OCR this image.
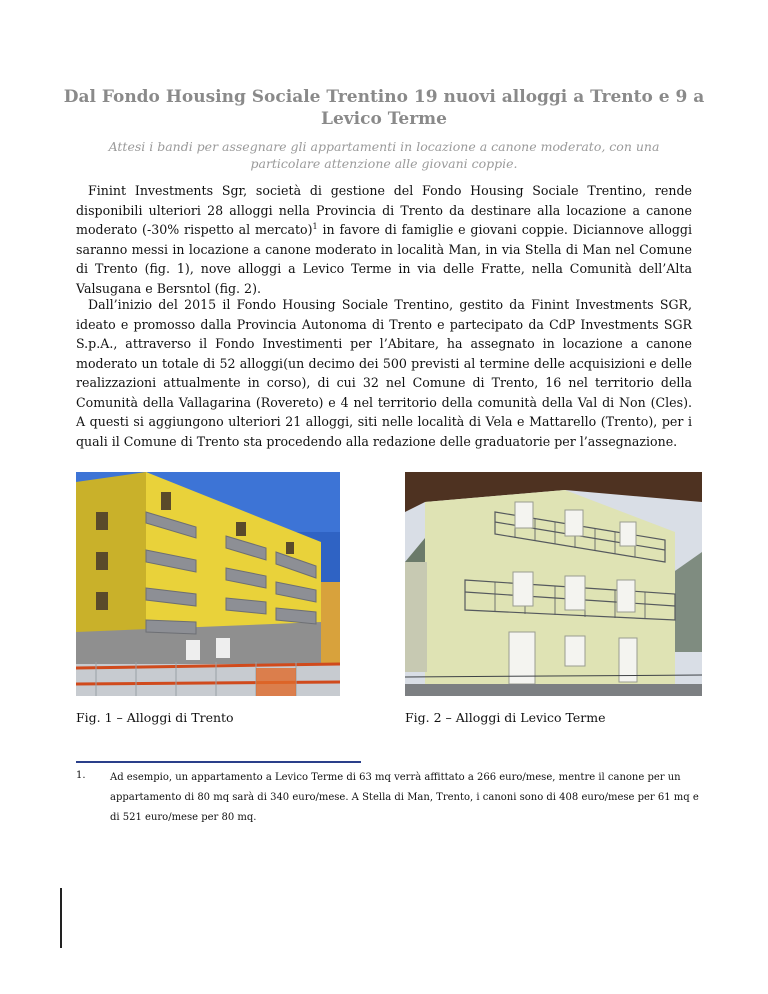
Dal Fondo Housing Sociale Trentino 19 nuovi alloggi a Trento e 9 a Levico Terme

Attesi i bandi per assegnare gli appartamenti in locazione a canone moderato, con una particolare attenzione alle giovani coppie.

Finint Investments Sgr, società di gestione del Fondo Housing Sociale Trentino, rende disponibili ulteriori 28 alloggi nella Provincia di Trento da destinare alla locazione a canone moderato (-30% rispetto al mercato)$^1$ in favore di famiglie e giovani coppie. Diciannove alloggi saranno messi in locazione a canone moderato in località Man, in via Stella di Man nel Comune di Trento (fig. 1), nove alloggi a Levico Terme in via delle Fratte, nella Comunità dell’Alta Valsugana e Bersntol (fig. 2).

Dall’inizio del 2015 il Fondo Housing Sociale Trentino, gestito da Finint Investments SGR, ideato e promosso dalla Provincia Autonoma di Trento e partecipato da CdP Investments SGR S.p.A., attraverso il Fondo Investimenti per l’Abitare, ha assegnato in locazione a canone moderato un totale di 52 alloggi(un decimo dei 500 previsti al termine delle acquisizioni e delle realizzazioni attualmente in corso), di cui 32 nel Comune di Trento, 16 nel territorio della Comunità della Vallagarina (Rovereto) e 4 nel territorio della comunità della Val di Non (Cles). A questi si aggiungono ulteriori 21 alloggi, siti nelle località di Vela e Mattarello (Trento), per i quali il Comune di Trento sta procedendo alla redazione delle graduatorie per l’assegnazione.

Fig. 1 – Alloggi di Trento	Fig. 2 – Alloggi di Levico Terme

1. Ad esempio, un appartamento a Levico Terme di 63 mq verrà affittato a 266 euro/mese, mentre il canone per un appartamento di 80 mq sarà di 340 euro/mese. A Stella di Man, Trento, i canoni sono di 408 euro/mese per 61 mq e di 521 euro/mese per 80 mq.
